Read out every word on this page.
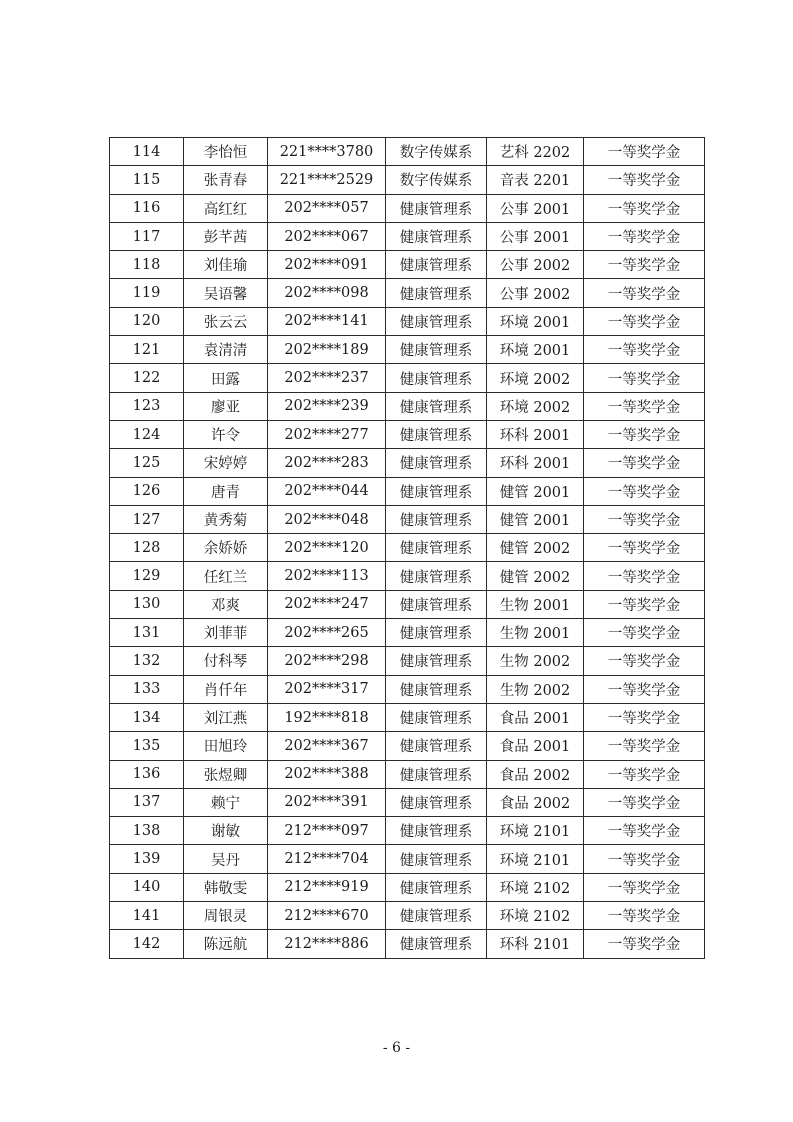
114	李怡恒	221****3780	数字传媒系	艺科 2202	一等奖学金
115	张青春	221****2529	数字传媒系	音表 2201	一等奖学金
116	高红红	202****057	健康管理系	公事 2001	一等奖学金
117	彭芊茜	202****067	健康管理系	公事 2001	一等奖学金
118	刘佳瑜	202****091	健康管理系	公事 2002	一等奖学金
119	吴语馨	202****098	健康管理系	公事 2002	一等奖学金
120	张云云	202****141	健康管理系	环境 2001	一等奖学金
121	袁清清	202****189	健康管理系	环境 2001	一等奖学金
122	田露	202****237	健康管理系	环境 2002	一等奖学金
123	廖亚	202****239	健康管理系	环境 2002	一等奖学金
124	许令	202****277	健康管理系	环科 2001	一等奖学金
125	宋婷婷	202****283	健康管理系	环科 2001	一等奖学金
126	唐青	202****044	健康管理系	健管 2001	一等奖学金
127	黄秀菊	202****048	健康管理系	健管 2001	一等奖学金
128	余娇娇	202****120	健康管理系	健管 2002	一等奖学金
129	任红兰	202****113	健康管理系	健管 2002	一等奖学金
130	邓爽	202****247	健康管理系	生物 2001	一等奖学金
131	刘菲菲	202****265	健康管理系	生物 2001	一等奖学金
132	付科琴	202****298	健康管理系	生物 2002	一等奖学金
133	肖仟年	202****317	健康管理系	生物 2002	一等奖学金
134	刘江燕	192****818	健康管理系	食品 2001	一等奖学金
135	田旭玲	202****367	健康管理系	食品 2001	一等奖学金
136	张煜卿	202****388	健康管理系	食品 2002	一等奖学金
137	赖宁	202****391	健康管理系	食品 2002	一等奖学金
138	谢敏	212****097	健康管理系	环境 2101	一等奖学金
139	吴丹	212****704	健康管理系	环境 2101	一等奖学金
140	韩敬雯	212****919	健康管理系	环境 2102	一等奖学金
141	周银灵	212****670	健康管理系	环境 2102	一等奖学金
142	陈远航	212****886	健康管理系	环科 2101	一等奖学金
- 6 -
